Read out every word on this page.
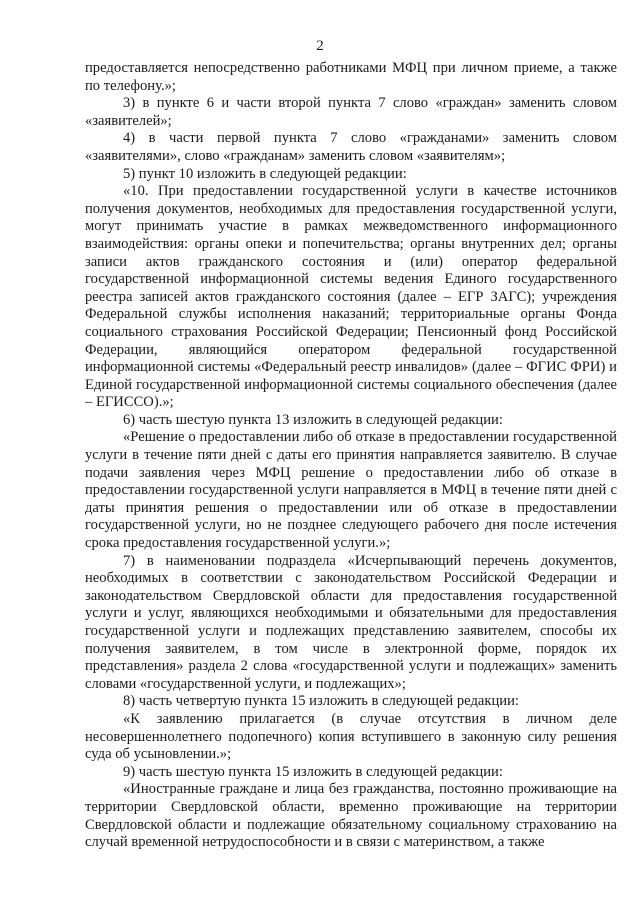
2

предоставляется непосредственно работниками МФЦ при личном приеме, а также по телефону.»;

3) в пункте 6 и части второй пункта 7 слово «граждан» заменить словом «заявителей»;

4) в части первой пункта 7 слово «гражданами» заменить словом «заявителями», слово «гражданам» заменить словом «заявителям»;

5) пункт 10 изложить в следующей редакции:

«10. При предоставлении государственной услуги в качестве источников получения документов, необходимых для предоставления государственной услуги, могут принимать участие в рамках межведомственного информационного взаимодействия: органы опеки и попечительства; органы внутренних дел; органы записи актов гражданского состояния и (или) оператор федеральной государственной информационной системы ведения Единого государственного реестра записей актов гражданского состояния (далее – ЕГР ЗАГС); учреждения Федеральной службы исполнения наказаний; территориальные органы Фонда социального страхования Российской Федерации; Пенсионный фонд Российской Федерации, являющийся оператором федеральной государственной информационной системы «Федеральный реестр инвалидов» (далее – ФГИС ФРИ) и Единой государственной информационной системы социального обеспечения (далее – ЕГИССО).»;

6) часть шестую пункта 13 изложить в следующей редакции:

«Решение о предоставлении либо об отказе в предоставлении государственной услуги в течение пяти дней с даты его принятия направляется заявителю. В случае подачи заявления через МФЦ решение о предоставлении либо об отказе в предоставлении государственной услуги направляется в МФЦ в течение пяти дней с даты принятия решения о предоставлении или об отказе в предоставлении государственной услуги, но не позднее следующего рабочего дня после истечения срока предоставления государственной услуги.»;

7) в наименовании подраздела «Исчерпывающий перечень документов, необходимых в соответствии с законодательством Российской Федерации и законодательством Свердловской области для предоставления государственной услуги и услуг, являющихся необходимыми и обязательными для предоставления государственной услуги и подлежащих представлению заявителем, способы их получения заявителем, в том числе в электронной форме, порядок их представления» раздела 2 слова «государственной услуги и подлежащих» заменить словами «государственной услуги, и подлежащих»;

8) часть четвертую пункта 15 изложить в следующей редакции:

«К заявлению прилагается (в случае отсутствия в личном деле несовершеннолетнего подопечного) копия вступившего в законную силу решения суда об усыновлении.»;

9) часть шестую пункта 15 изложить в следующей редакции:

«Иностранные граждане и лица без гражданства, постоянно проживающие на территории Свердловской области, временно проживающие на территории Свердловской области и подлежащие обязательному социальному страхованию на случай временной нетрудоспособности и в связи с материнством, а также
